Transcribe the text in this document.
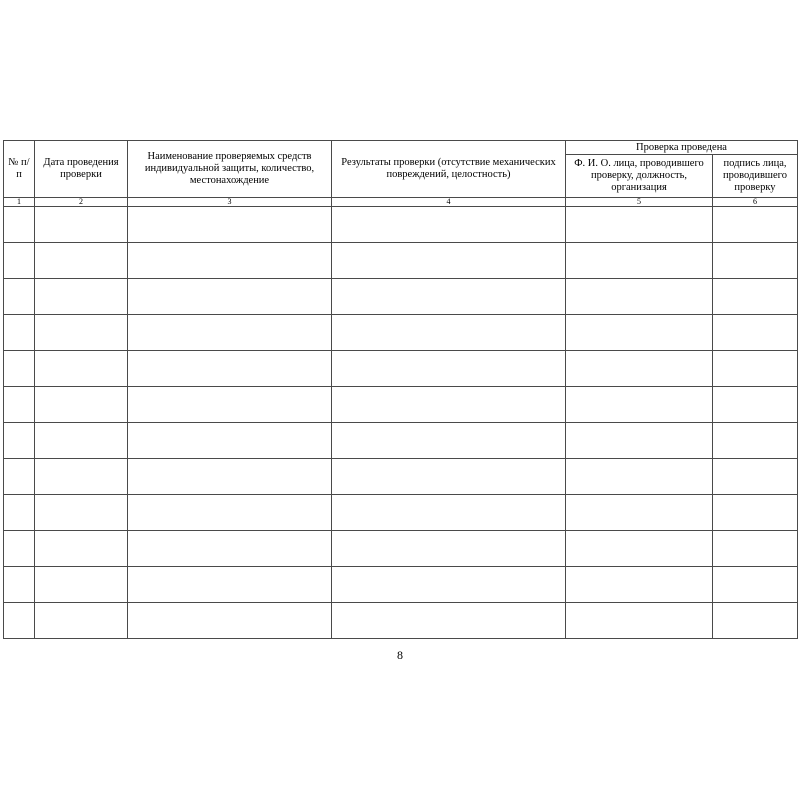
№ п/п	Дата проведения проверки	Наименование проверяемых средств индивидуальной защиты, количество, местонахождение	Результаты проверки (отсутствие механических повреждений, целостность)	Проверка проведена	
				Ф. И. О. лица, проводившего проверку, должность, организация	подпись лица, проводившего проверку
1	2	3	4	5	6

8
